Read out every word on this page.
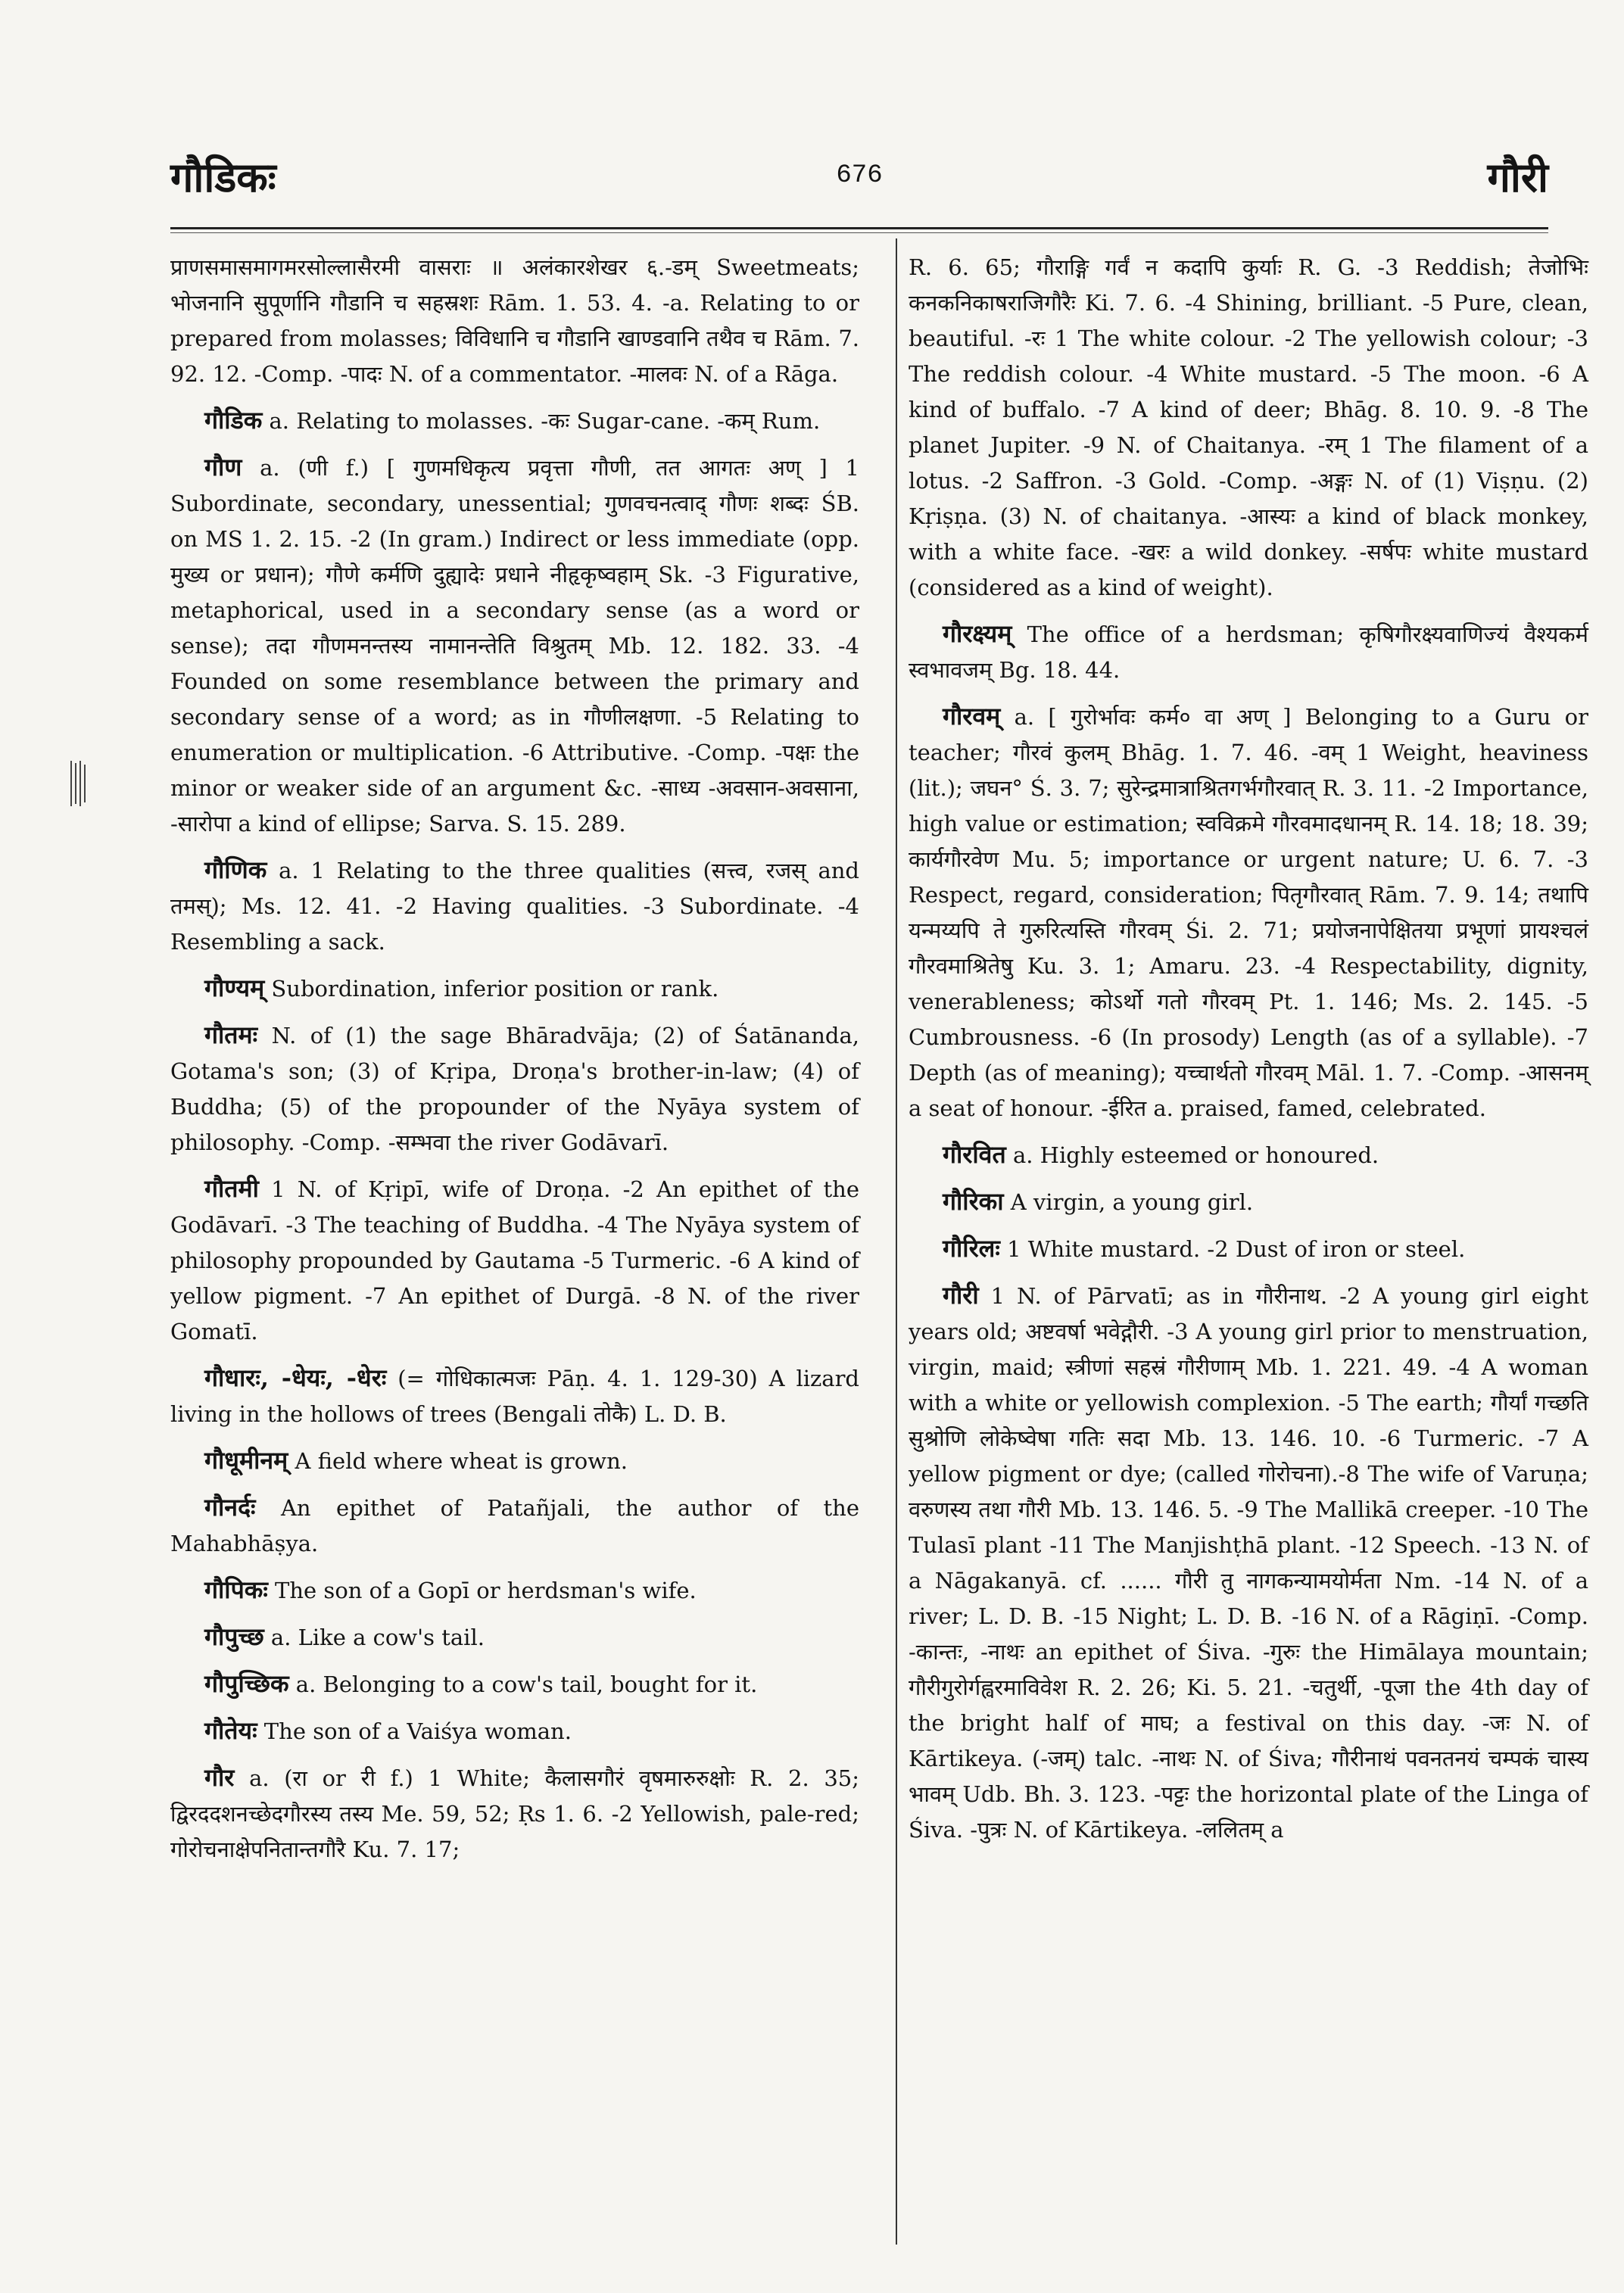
गौडिकः	676	गौरी

प्राणसमासमागमरसोल्लासैरमी वासराः ॥ अलंकारशेखर ६.-डम् Sweetmeats; भोजनानि सुपूर्णानि गौडानि च सहस्रशः Rām. 1. 53. 4. -a. Relating to or prepared from molasses; विविधानि च गौडानि खाण्डवानि तथैव च Rām. 7. 92. 12. -Comp. -पादः N. of a commentator. -मालवः N. of a Rāga.

गौडिक a. Relating to molasses. -कः Sugar-cane. -कम् Rum.

गौण a. (णी f.) [ गुणमधिकृत्य प्रवृत्ता गौणी, तत आगतः अण् ] 1 Subordinate, secondary, unessential; गुणवचनत्वाद् गौणः शब्दः ŚB. on MS 1. 2. 15. -2 (In gram.) Indirect or less immediate (opp. मुख्य or प्रधान); गौणे कर्मणि दुह्यादेः प्रधाने नीहृकृष्वहाम् Sk. -3 Figurative, metaphorical, used in a secondary sense (as a word or sense); तदा गौणमनन्तस्य नामानन्तेति विश्रुतम् Mb. 12. 182. 33. -4 Founded on some resemblance between the primary and secondary sense of a word; as in गौणीलक्षणा. -5 Relating to enumeration or multiplication. -6 Attributive. -Comp. -पक्षः the minor or weaker side of an argument &c. -साध्य -अवसान-अवसाना, -सारोपा a kind of ellipse; Sarva. S. 15. 289.

गौणिक a. 1 Relating to the three qualities (सत्त्व, रजस् and तमस्); Ms. 12. 41. -2 Having qualities. -3 Subordinate. -4 Resembling a sack.

गौण्यम् Subordination, inferior position or rank.

गौतमः N. of (1) the sage Bhāradvāja; (2) of Śatānanda, Gotama's son; (3) of Kṛipa, Droṇa's brother-in-law; (4) of Buddha; (5) of the propounder of the Nyāya system of philosophy. -Comp. -सम्भवा the river Godāvarī.

गौतमी 1 N. of Kṛipī, wife of Droṇa. -2 An epithet of the Godāvarī. -3 The teaching of Buddha. -4 The Nyāya system of philosophy propounded by Gautama -5 Turmeric. -6 A kind of yellow pigment. -7 An epithet of Durgā. -8 N. of the river Gomatī.

गौधारः, -धेयः, -धेरः (= गोधिकात्मजः Pāṇ. 4. 1. 129-30) A lizard living in the hollows of trees (Bengali तोकै) L. D. B.

गौधूमीनम् A field where wheat is grown.

गौनर्दः An epithet of Patañjali, the author of the Mahabhāṣya.

गौपिकः The son of a Gopī or herdsman's wife.

गौपुच्छ a. Like a cow's tail.

गौपुच्छिक a. Belonging to a cow's tail, bought for it.

गौतेयः The son of a Vaiśya woman.

गौर a. (रा or री f.) 1 White; कैलासगौरं वृषमारुरुक्षोः R. 2. 35; द्विरददशनच्छेदगौरस्य तस्य Me. 59, 52; Ṛs 1. 6. -2 Yellowish, pale-red; गोरोचनाक्षेपनितान्तगौरै Ku. 7. 17;

R. 6. 65; गौराङ्गि गर्वं न कदापि कुर्याः R. G. -3 Reddish; तेजोभिः कनकनिकाषराजिगौरैः Ki. 7. 6. -4 Shining, brilliant. -5 Pure, clean, beautiful. -रः 1 The white colour. -2 The yellowish colour; -3 The reddish colour. -4 White mustard. -5 The moon. -6 A kind of buffalo. -7 A kind of deer; Bhāg. 8. 10. 9. -8 The planet Jupiter. -9 N. of Chaitanya. -रम् 1 The filament of a lotus. -2 Saffron. -3 Gold. -Comp. -अङ्गः N. of (1) Viṣṇu. (2) Kṛiṣṇa. (3) N. of chaitanya. -आस्यः a kind of black monkey, with a white face. -खरः a wild donkey. -सर्षपः white mustard (considered as a kind of weight).

गौरक्ष्यम् The office of a herdsman; कृषिगौरक्ष्यवाणिज्यं वैश्यकर्म स्वभावजम् Bg. 18. 44.

गौरवम् a. [ गुरोर्भावः कर्म० वा अण् ] Belonging to a Guru or teacher; गौरवं कुलम् Bhāg. 1. 7. 46. -वम् 1 Weight, heaviness (lit.); जघन° Ś. 3. 7; सुरेन्द्रमात्राश्रितगर्भगौरवात् R. 3. 11. -2 Importance, high value or estimation; स्वविक्रमे गौरवमादधानम् R. 14. 18; 18. 39; कार्यगौरवेण Mu. 5; importance or urgent nature; U. 6. 7. -3 Respect, regard, consideration; पितृगौरवात् Rām. 7. 9. 14; तथापि यन्मय्यपि ते गुरुरित्यस्ति गौरवम् Śi. 2. 71; प्रयोजनापेक्षितया प्रभूणां प्रायश्चलं गौरवमाश्रितेषु Ku. 3. 1; Amaru. 23. -4 Respectability, dignity, venerableness; कोऽर्थो गतो गौरवम् Pt. 1. 146; Ms. 2. 145. -5 Cumbrousness. -6 (In prosody) Length (as of a syllable). -7 Depth (as of meaning); यच्चार्थतो गौरवम् Māl. 1. 7. -Comp. -आसनम् a seat of honour. -ईरित a. praised, famed, celebrated.

गौरवित a. Highly esteemed or honoured.

गौरिका A virgin, a young girl.

गौरिलः 1 White mustard. -2 Dust of iron or steel.

गौरी 1 N. of Pārvatī; as in गौरीनाथ. -2 A young girl eight years old; अष्टवर्षा भवेद्गौरी. -3 A young girl prior to menstruation, virgin, maid; स्त्रीणां सहस्रं गौरीणाम् Mb. 1. 221. 49. -4 A woman with a white or yellowish complexion. -5 The earth; गौर्यां गच्छति सुश्रोणि लोकेष्वेषा गतिः सदा Mb. 13. 146. 10. -6 Turmeric. -7 A yellow pigment or dye; (called गोरोचना).-8 The wife of Varuṇa; वरुणस्य तथा गौरी Mb. 13. 146. 5. -9 The Mallikā creeper. -10 The Tulasī plant -11 The Manjishṭhā plant. -12 Speech. -13 N. of a Nāgakanyā. cf. ...... गौरी तु नागकन्यामयोर्मता Nm. -14 N. of a river; L. D. B. -15 Night; L. D. B. -16 N. of a Rāgiṇī. -Comp. -कान्तः, -नाथः an epithet of Śiva. -गुरुः the Himālaya mountain; गौरीगुरोर्गह्वरमाविवेश R. 2. 26; Ki. 5. 21. -चतुर्थी, -पूजा the 4th day of the bright half of माघ; a festival on this day. -जः N. of Kārtikeya. (-जम्) talc. -नाथः N. of Śiva; गौरीनाथं पवनतनयं चम्पकं चास्य भावम् Udb. Bh. 3. 123. -पट्टः the horizontal plate of the Linga of Śiva. -पुत्रः N. of Kārtikeya. -ललितम् a
